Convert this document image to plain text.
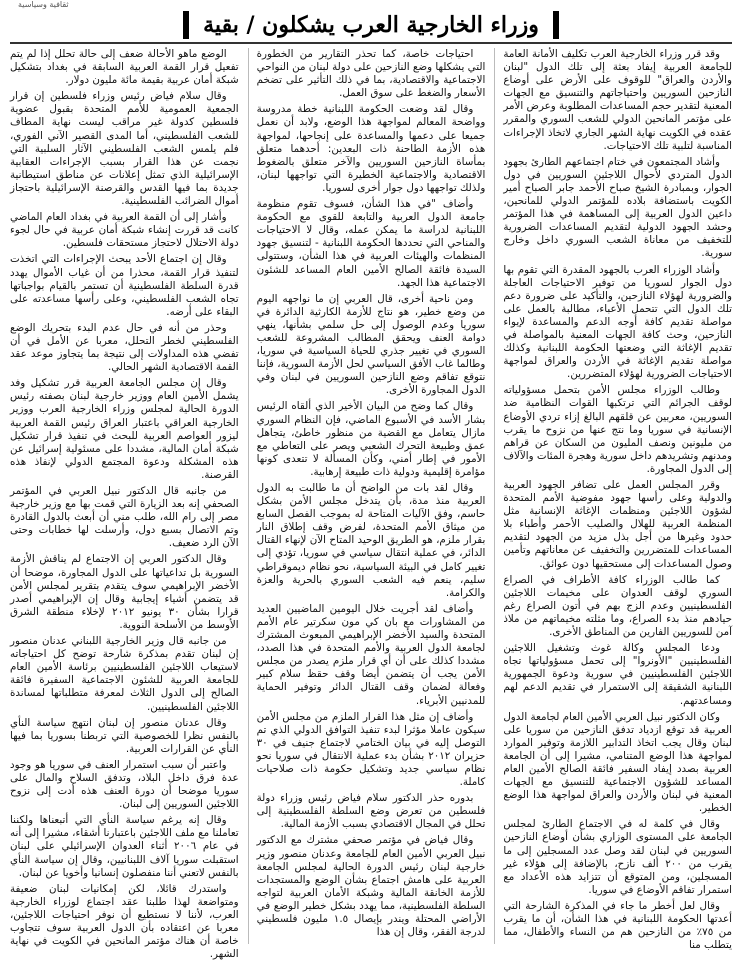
ثقافية وسياسية
وزراء الخارجية العرب يشكلون / بقية

وقد قرر وزراء الخارجية العرب تكليف الأمانة العامة للجامعة العربية إيفاد بعثة إلى تلك الدول "لبنان والأردن والعراق" للوقوف على الأرض على أوضاع النازحين السوريين واحتياجاتهم والتنسيق مع الجهات المعنية لتقدير حجم المساعدات المطلوبة وعرض الأمر على مؤتمر المانحين الدولي للشعب السوري والمقرر عقده في الكويت نهاية الشهر الجاري لاتخاذ الإجراءات المناسبة لتلبية تلك الاحتياجات.

وأشاد المجتمعون في ختام اجتماعهم الطارئ بجهود الدول المتردي لأحوال اللاجئين السوريين في دول الجوار، وبمبادرة الشيخ صباح الأحمد جابر الصباح أمير الكويت باستضافة بلاده للمؤتمر الدولي للمانحين، داعين الدول العربية إلى المساهمة في هذا المؤتمر وحشد الجهود الدولية لتقديم المساعدات الضرورية للتخفيف من معاناة الشعب السوري داخل وخارج سورية.

وأشاد الوزراء العرب بالجهود المقدرة التي تقوم بها دول الجوار لسوريا من توفير الاحتياجات العاجلة والضرورية لهؤلاء النازحين، والتأكيد على ضرورة دعم تلك الدول التي تتحمل الأعباء، مطالبة بالعمل على مواصلة تقديم كافة أوجه الدعم والمساعدة لإيواء النازحين، وحث كافة الجهات المعنية بالمواصلة في تقديم الإغاثة التي وضعتها الحكومة اللبنانية وكذلك مواصلة تقديم الإغاثة في الأردن والعراق لمواجهة الاحتياجات الضرورية لهؤلاء المتضررين.

وطالب الوزراء مجلس الأمن بتحمل مسؤولياته لوقف الجرائم التي ترتكبها القوات النظامية ضد السوريين، معربين عن قلقهم البالغ إزاء تردي الأوضاع الإنسانية في سوريا وما نتج عنها من نزوح ما يقرب من مليونين ونصف المليون من السكان عن قراهم ومدنهم وتشريدهم داخل سورية وهجرة المئات والآلاف إلى الدول المجاورة.

وقرر المجلس العمل على تضافر الجهود العربية والدولية وعلى رأسها جهود مفوضية الأمم المتحدة لشؤون اللاجئين ومنظمات الإغاثة الإنسانية مثل المنظمة العربية للهلال والصليب الأحمر وأطباء بلا حدود وغيرها من أجل بذل مزيد من الجهود لتقديم المساعدات للمتضررين والتخفيف عن معاناتهم وتأمين وصول المساعدات إلى مستحقيها دون عوائق.

كما طالب الوزراء كافة الأطراف في الصراع السوري لوقف العدوان على مخيمات اللاجئين الفلسطينيين وعدم الزج بهم في أتون الصراع رغم حيادهم منذ بدء الصراع، وما مثلته مخيماتهم من ملاذ آمن للسوريين الفارين من المناطق الأخرى.

ودعا المجلس وكالة غوث وتشغيل اللاجئين الفلسطينيين "الأونروا" إلى تحمل مسؤولياتها تجاه اللاجئين الفلسطينيين في سورية ودعوة الجمهورية اللبنانية الشقيقة إلى الاستمرار في تقديم الدعم لهم ومساعدتهم.

وكان الدكتور نبيل العربي الأمين العام لجامعة الدول العربية قد توقع ازدياد تدفق النازحين من سوريا على لبنان وقال يجب اتخاذ التدابير اللازمة وتوفير الموارد لمواجهة هذا الوضع المتنامي، مشيرا إلى أن الجامعة العربية بصدد إيفاد السفير فائقة الصالح الأمين العام المساعد للشؤون الاجتماعية للتنسيق مع الجهات المعنية في لبنان والأردن والعراق لمواجهة هذا الوضع الخطير.

وقال في كلمة له في الاجتماع الطارئ لمجلس الجامعة على المستوى الوزاري بشأن أوضاع النازحين السوريين في لبنان لقد وصل عدد المسجلين إلى ما يقرب من ٢٠٠ ألف نازح، بالإضافة إلى هؤلاء غير المسجلين، ومن المتوقع أن تتزايد هذه الأعداد مع استمرار تفاقم الأوضاع في سوريا.

وقال لعل أخطر ما جاء في المذكرة الشارحة التي أعدتها الحكومة اللبنانية في هذا الشأن، أن ما يقرب من ٧٥٪ من النازحين هم من النساء والأطفال، مما يتطلب منا

احتياجات خاصة، كما تحذر التقارير من الخطورة التي يشكلها وضع النازحين على دولة لبنان من النواحي الاجتماعية والاقتصادية، بما في ذلك التأثير على تضخم الأسعار والضغط على سوق العمل.

وقال لقد وضعت الحكومة اللبنانية خطة مدروسة وواضحة المعالم لمواجهة هذا الوضع، ولابد أن نعمل جميعا على دعمها والمساعدة على إنجاحها، لمواجهة هذه الأزمة الطاحنة ذات البعدين: أحدهما متعلق بمأساة النازحين السوريين والآخر متعلق بالضغوط الاقتصادية والاجتماعية الخطيرة التي تواجهها لبنان، ولذلك تواجهها دول جوار أخرى لسوريا.

وأضاف "في هذا الشأن، فسوف تقوم منظومة جامعة الدول العربية والتابعة للقوى مع الحكومة اللبنانية لدراسة ما يمكن عمله، وقال لا الاحتياجات والمناحي التي تحددها الحكومة اللبنانية - لتنسيق جهود المنظمات والهيئات العربية في هذا الشأن، وستتولى السيدة فائقة الصالح الأمين العام المساعد للشئون الاجتماعية هذا الجهد.

ومن ناحية أخرى، قال العربي إن ما نواجهه اليوم من وضع خطير، هو نتاج للأزمة الكارثية الدائرة في سوريا وعدم الوصول إلى حل سلمي بشأنها، ينهي دوامة العنف ويحقق المطالب المشروعة للشعب السوري في تغيير جذري للحياة السياسية في سوريا، وطالما غاب الأفق السياسي لحل الأزمة السورية، فإننا نتوقع تفاقم وضع النازحين السوريين في لبنان وفي الدول المجاورة الأخرى.

وقال كما وضح من البيان الأخير الذي ألقاه الرئيس بشار الأسد في الأسبوع الماضي، فإن النظام السوري مازال يتعامل مع القضية من منظور خاطئ، يتجاهل عمق وطبيعة التحرك الشعبي ويصر على التعاطي مع الأمور في إطار أمني، وكأن المسألة لا تتعدى كونها مؤامرة إقليمية ودولية ذات طبيعة إرهابية.

وقال لقد بات من الواضح أن ما طالبت به الدول العربية منذ مدة، بأن يتدخل مجلس الأمن بشكل حاسم، وفق الآليات المتاحة له بموجب الفصل السابع من ميثاق الأمم المتحدة، لفرض وقف إطلاق النار بقرار ملزم، هو الطريق الوحيد المتاح الآن لإنهاء القتال الدائر، في عملية انتقال سياسي في سوريا، تؤدي إلى تغيير كامل في البيئة السياسية، نحو نظام ديموقراطي سليم، ينعم فيه الشعب السوري بالحرية والعزة والكرامة.

وأضاف لقد أجريت خلال اليومين الماضيين العديد من المشاورات مع بان كي مون سكرتير عام الأمم المتحدة والسيد الأخضر الإبراهيمي المبعوث المشترك لجامعة الدول العربية والأمم المتحدة في هذا الصدد، مشددا كذلك على أن أي قرار ملزم يصدر من مجلس الأمن يجب أن يتضمن أيضا وقف حقظ سلام كبير وفعالة لضمان وقف القتال الدائر وتوفير الحماية للمدنيين الأبرياء.

وأضاف إن مثل هذا القرار الملزم من مجلس الأمن سيكون عاملا مؤثرا لبدء تنفيذ التوافق الدولي الذي تم التوصل إليه في بيان الختامي لاجتماع جنيف في ٣٠ حزيران ٢٠١٢ بشأن بدء عملية الانتقال في سوريا نحو نظام سياسي جديد وتشكيل حكومة ذات صلاحيات كاملة.

بدوره حذر الدكتور سلام فياض رئيس وزراء دولة فلسطين من تعرض وضع السلطة الفلسطينية إلى تحلل في المجال الاقتصادي بسبب الأزمة المالية.

وقال فياض في مؤتمر صحفي مشترك مع الدكتور نبيل العربي الأمين العام للجامعة وعدنان منصور وزير خارجية لبنان رئيس الدورة الحالية لمجلس الجامعة العربية على هامش اجتماع بشأن الوضع والمستجدات للأزمة الخانقة المالية وشبكة الأمان العربية لتواجه السلطة الفلسطينية، مما يهدد بشكل خطير الوضع في الأراضي المحتلة ويندر بإيصال ١.٥ مليون فلسطيني لدرجة الفقر، وقال إن هذا

الوضع ماهو الأحالة ضعف إلى حالة تحلل إذا لم يتم تفعيل قرار القمة العربية السابقة في بغداد بتشكيل شبكة أمان عربية بقيمة مائة مليون دولار.

وقال سلام فياض رئيس وزراء فلسطين إن قرار الجمعية العمومية للأمم المتحدة بقبول عضوية فلسطين كدولة غير مراقب ليست نهاية المطاف للشعب الفلسطيني، أما المدى القصير الآني الفوري، فلم يلمس الشعب الفلسطيني الآثار السلبية التي نجمت عن هذا القرار بسبب الإجراءات العقابية الإسرائيلية الذي تمثل إعلانات عن مناطق استيطانية جديدة بما فيها القدس والقرصنة الإسرائيلية باحتجاز أموال الضرائب الفلسطينية.

وأشار إلى أن القمة العربية في بغداد العام الماضي كانت قد قررت إنشاء شبكة أمان عربية في حال لجوء دولة الاحتلال لاحتجاز مستحقات فلسطين.

وقال إن اجتماع الأحد يبحث الإجراءات التي اتخذت لتنفيذ قرار القمة، محذرا من أن غياب الأموال يهدد قدرة السلطة الفلسطينية أن تستمر بالقيام بواجباتها تجاه الشعب الفلسطيني، وعلى رأسها مساعدته على البقاء على أرضه.

وحذر من أنه في حال عدم البدء بتحريك الوضع الفلسطيني لخطر التحلل، معربا عن الأمل في أن تفضي هذه المداولات إلى نتيجة بما يتجاوز موعد عقد القمة الاقتصادية الشهر الحالي.

وقال إن مجلس الجامعة العربية قرر تشكيل وفد يشمل الأمين العام ووزير خارجية لبنان بصفته رئيس الدورة الحالية لمجلس وزراء الخارجية العرب ووزير الخارجية العراقي باعتبار العراق رئيس القمة العربية ليزور العواصم العربية للبحث في تنفيذ قرار تشكيل شبكة أمان المالية، مشددا على مسئولية إسرائيل عن هذه المشكلة ودعوة المجتمع الدولي لإنفاذ هذه القرصنة.

من جانبه قال الدكتور نبيل العربي في المؤتمر الصحفي إنه بعد الزيارة التي قمت بها مع وزير خارجية مصر إلى رام الله، طلب مني أن أبعث بالدول القادرة وتم الاتصال بسبع دول، وأرسلت لها خطابات وحتى الآن الرد ضعيف.

وقال الدكتور العربي إن الاجتماع لم يناقش الأزمة السورية بل تداعياتها على الدول المجاورة، موضحا أن الأخضر الإبراهيمي سوف يتقدم بتقرير لمجلس الأمن قد يتضمن أشياء إيجابية وقال إن الإبراهيمي أصدر قرارا بشأن ٣٠ يونيو ٢٠١٢ لإخلاء منطقة الشرق الأوسط من الأسلحة النووية.

من جانبه قال وزير الخارجية اللبناني عدنان منصور إن لبنان تقدم بمذكرة شارحة توضح كل احتياجاته لاستيعاب اللاجئين الفلسطينيين برئاسة الأمين العام للجامعة العربية للشئون الاجتماعية السفيرة فائقة الصالح إلى الدول الثلاث لمعرفة متطلباتها لمساندة اللاجئين الفلسطينيين.

وقال عدنان منصور إن لبنان انتهج سياسة النأي بالنفس نظرا للخصوصية التي تربطنا بسوريا بما فيها النأي عن القرارات العربية.

واعتبر أن سبب استمرار العنف في سوريا هو وجود عدة فرق داخل البلاد، وتدفق السلاح والمال على سوريا موضحا أن دورة العنف هذه أدت إلى نزوح اللاجئين السوريين إلى لبنان.

وقال إنه يرغم سياسة النأي التي أتبعناها ولكننا تعاملنا مع ملف اللاجئين باعتبارنا أشقاء، مشيرا إلى أنه في عام ٢٠٠٦ أثناء العدوان الإسرائيلي على لبنان استقبلت سوريا آلاف اللبنانيين، وقال إن سياسة النأي بالنفس لاتعني أننا منفصلون إنسانيا وأخويا عن لبنان.

واستدرك قائلا، لكن إمكانيات لبنان ضعيفة ومتواضعة لهذا طلبنا عقد اجتماع لوزراء الخارجية العرب، لأننا لا نستطيع أن نوفر احتياجات اللاجئين، معربا عن اعتقاده بأن الدول العربية سوف تتجاوب خاصة أن هناك مؤتمر المانحين في الكويت في نهاية الشهر.
